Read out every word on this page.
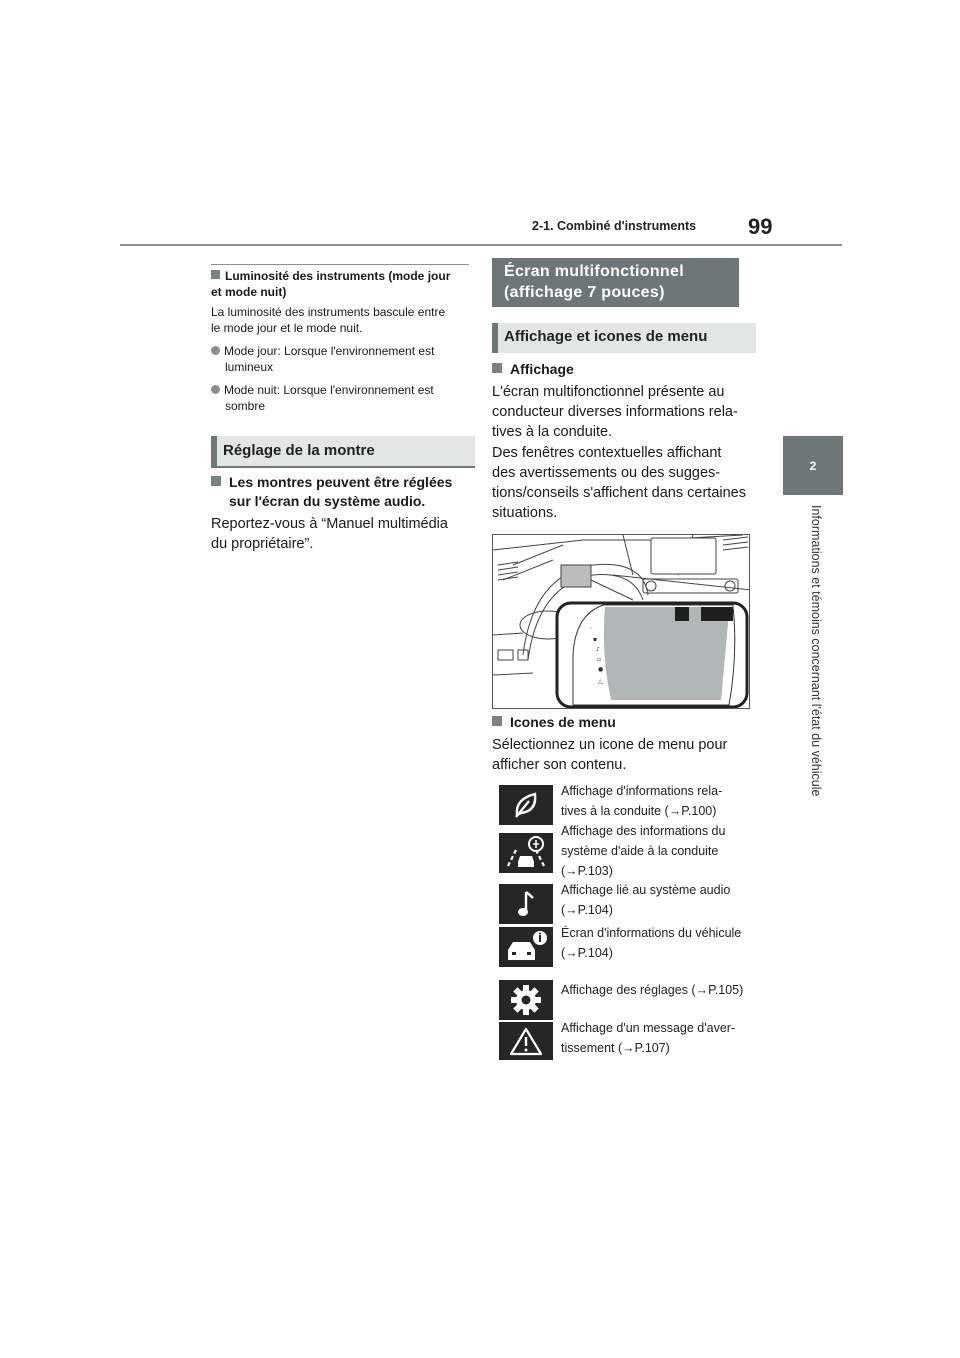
2-1. Combiné d'instruments 99
2
Informations et témoins concernant l'état du véhicule
Luminosité des instruments (mode jour
et mode nuit)
La luminosité des instruments bascule entre
le mode jour et le mode nuit.
Mode jour: Lorsque l'environnement est
lumineux
Mode nuit: Lorsque l'environnement est
sombre
Réglage de la montre
Les montres peuvent être réglées
sur l'écran du système audio.
Reportez-vous à “Manuel multimédia
du propriétaire”.
Écran multifonctionnel
(affichage 7 pouces)
Affichage et icones de menu
Affichage
L'écran multifonctionnel présente au
conducteur diverses informations rela-
tives à la conduite.
Des fenêtres contextuelles affichant
des avertissements ou des sugges-
tions/conseils s'affichent dans certaines
situations.
◦
▪
♪
▫
●
△
Icones de menu
Sélectionnez un icone de menu pour
afficher son contenu.
Affichage d'informations rela-
tives à la conduite (→P.100)
Affichage des informations du
système d'aide à la conduite
(→P.103)
Affichage lié au système audio
(→P.104)
Écran d'informations du véhicule
(→P.104)
Affichage des réglages (→P.105)
Affichage d'un message d'aver-
tissement (→P.107)
